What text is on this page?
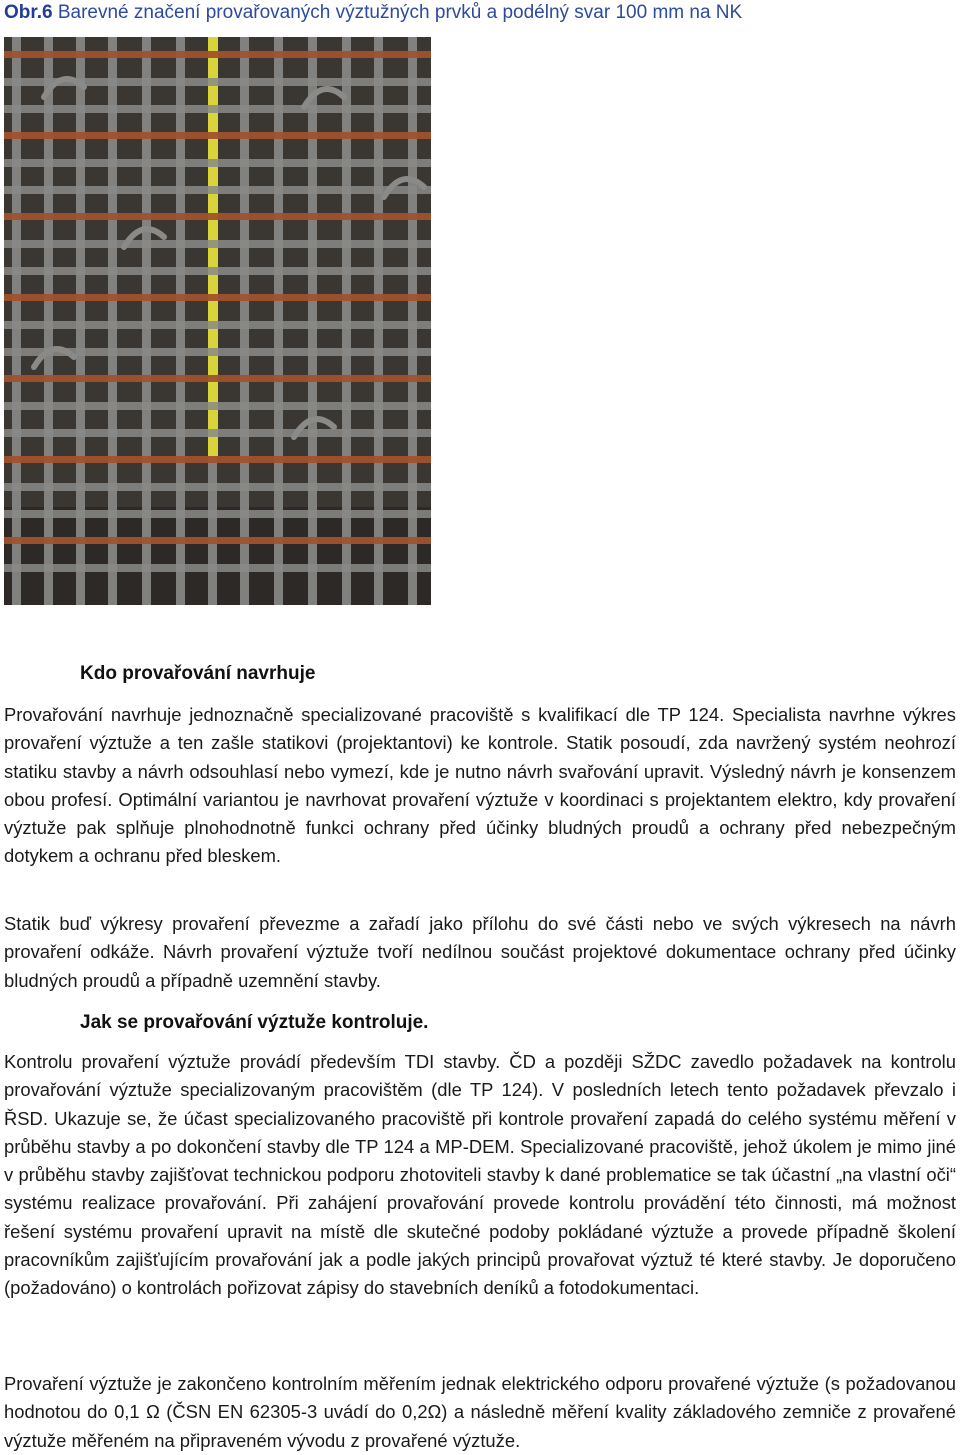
Obr.6 Barevné značení provařovaných výztužných prvků a podélný svar 100 mm na NK
Kdo provařování navrhuje
Provařování navrhuje jednoznačně specializované pracoviště s kvalifikací dle TP 124. Specialista navrhne výkres provaření výztuže a ten zašle statikovi (projektantovi) ke kontrole. Statik posoudí, zda navržený systém neohrozí statiku stavby a návrh odsouhlasí nebo vymezí, kde je nutno návrh svařování upravit. Výsledný návrh je konsenzem obou profesí. Optimální variantou je navrhovat provaření výztuže v koordinaci s projektantem elektro, kdy provaření výztuže pak splňuje plnohodnotně funkci ochrany před účinky bludných proudů a ochrany před nebezpečným dotykem a ochranu před bleskem.
Statik buď výkresy provaření převezme a zařadí jako přílohu do své části nebo ve svých výkresech na návrh provaření odkáže. Návrh provaření výztuže tvoří nedílnou součást projektové dokumentace ochrany před účinky bludných proudů a případně uzemnění stavby.
Jak se provařování výztuže kontroluje.
Kontrolu provaření výztuže provádí především TDI stavby. ČD a později SŽDC zavedlo požadavek na kontrolu provařování výztuže specializovaným pracovištěm (dle TP 124). V posledních letech tento požadavek převzalo i ŘSD. Ukazuje se, že účast specializovaného pracoviště při kontrole provaření zapadá do celého systému měření v průběhu stavby a po dokončení stavby dle TP 124 a MP-DEM. Specializované pracoviště, jehož úkolem je mimo jiné v průběhu stavby zajišťovat technickou podporu zhotoviteli stavby k dané problematice se tak účastní „na vlastní oči“ systému realizace provařování. Při zahájení provařování provede kontrolu provádění této činnosti, má možnost řešení systému provaření upravit na místě dle skutečné podoby pokládané výztuže a provede případně školení pracovníkům zajišťujícím provařování jak a podle jakých principů provařovat výztuž té které stavby. Je doporučeno (požadováno) o kontrolách pořizovat zápisy do stavebních deníků a fotodokumentaci.
Provaření výztuže je zakončeno kontrolním měřením jednak elektrického odporu provařené výztuže (s požadovanou hodnotou do 0,1 Ω (ČSN EN 62305-3 uvádí do 0,2Ω) a následně měření kvality základového zemniče z provařené výztuže měřeném na připraveném vývodu z provařené výztuže.
